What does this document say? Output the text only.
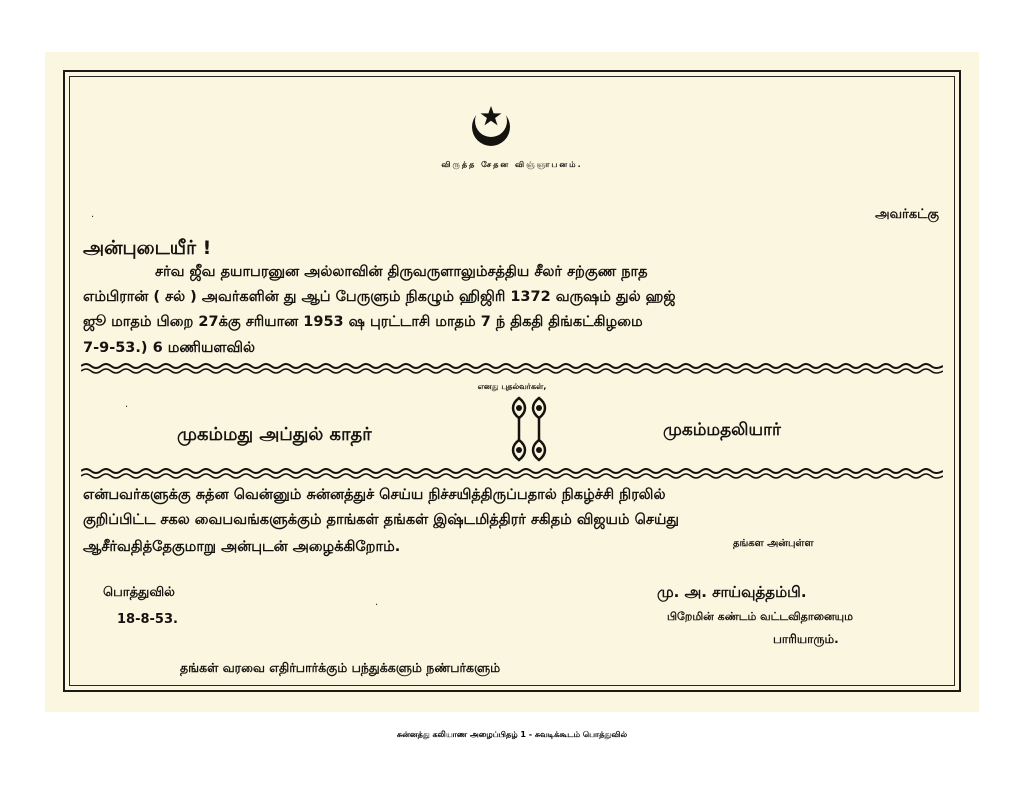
விருத்த சேதன விஞ்ஞாபனம்.
அவர்கட்கு
அன்புடையீர் !
சர்வ ஜீவ தயாபரனுன அல்லாவின் திருவருளாலும்சத்திய சீலர் சற்குண நாத
எம்பிரான் ( சல் ) அவர்களின் து ஆப் பேருளும் நிகழும் ஹிஜிரி 1372 வருஷம் துல் ஹஜ்
ஜூ மாதம் பிறை 27க்கு சரியான 1953 ஷ புரட்டாசி மாதம் 7 ந் திகதி திங்கட்கிழமை
7-9-53.) 6 மணியளவில்
எனது புதல்வர்கள்,
முகம்மது அப்துல் காதர்	முகம்மதலியார்
என்பவர்களுக்கு சுத்ன வென்னும் சுன்னத்துச் செய்ய நிச்சயித்திருப்பதால் நிகழ்ச்சி நிரலில்
குறிப்பிட்ட சகல வைபவங்களுக்கும் தாங்கள் தங்கள் இஷ்டமித்திரர் சகிதம் விஜயம் செய்து
ஆசீர்வதித்தேகுமாறு அன்புடன் அழைக்கிறோம்.	தங்கள அன்புள்ள
பொத்துவில்
18-8-53.
மு. அ. சாய்வுத்தம்பி.
பிறேமின் கண்டம் வட்டவிதானையும
பாரியாரும்.
தங்கள் வரவை எதிர்பார்க்கும் பந்துக்களும் நண்பர்களும்
·
·
·
சுன்னத்து கலியாண அழைப்பிதழ் 1 - சுவடிக்கூடம் பொத்துவில்
